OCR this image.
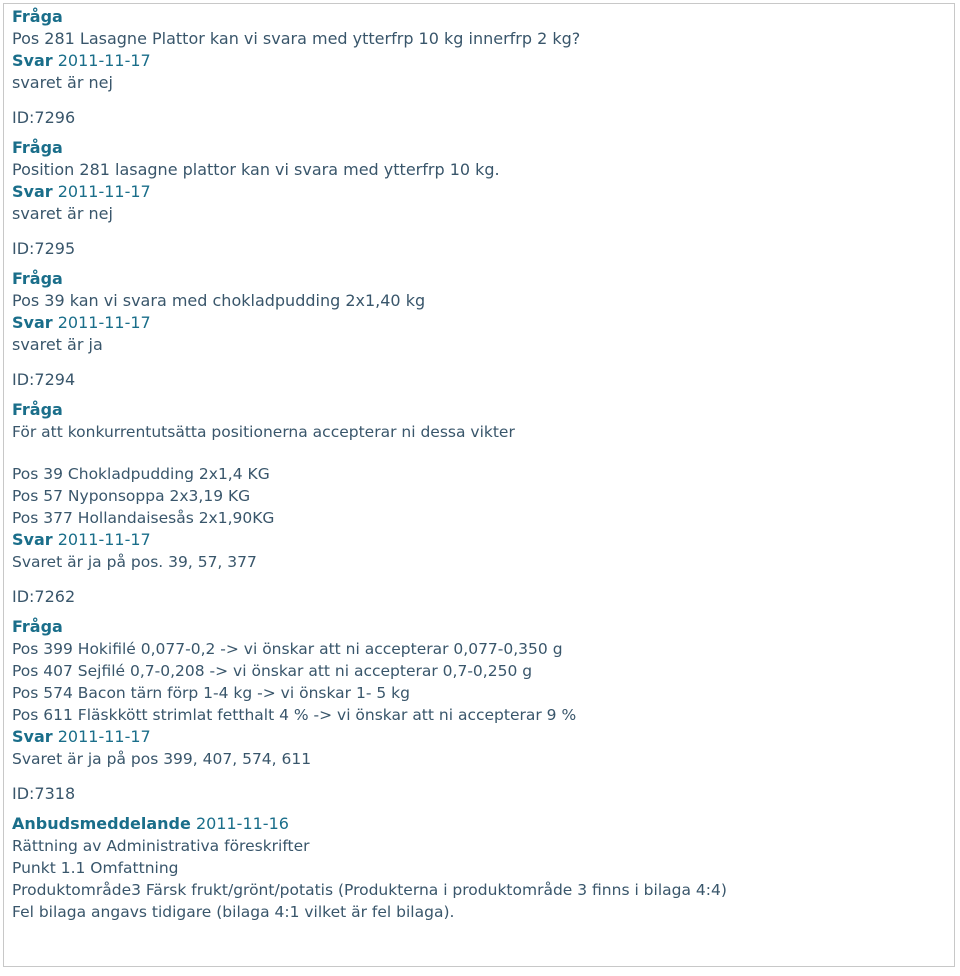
Fråga
Pos 281 Lasagne Plattor kan vi svara med ytterfrp 10 kg innerfrp 2 kg?
Svar 2011-11-17
svaret är nej
ID:7296
Fråga
Position 281 lasagne plattor kan vi svara med ytterfrp 10 kg.
Svar 2011-11-17
svaret är nej
ID:7295
Fråga
Pos 39 kan vi svara med chokladpudding 2x1,40 kg
Svar 2011-11-17
svaret är ja
ID:7294
Fråga
För att konkurrentutsätta positionerna accepterar ni dessa vikter
Pos 39 Chokladpudding 2x1,4 KG
Pos 57 Nyponsoppa 2x3,19 KG
Pos 377 Hollandaisesås 2x1,90KG
Svar 2011-11-17
Svaret är ja på pos. 39, 57, 377
ID:7262
Fråga
Pos 399 Hokifilé 0,077-0,2 -> vi önskar att ni accepterar 0,077-0,350 g
Pos 407 Sejfilé 0,7-0,208 -> vi önskar att ni accepterar 0,7-0,250 g
Pos 574 Bacon tärn förp 1-4 kg -> vi önskar 1- 5 kg
Pos 611 Fläskkött strimlat fetthalt 4 % -> vi önskar att ni accepterar 9 %
Svar 2011-11-17
Svaret är ja på pos 399, 407, 574, 611
ID:7318
Anbudsmeddelande 2011-11-16
Rättning av Administrativa föreskrifter
Punkt 1.1 Omfattning
Produktområde3 Färsk frukt/grönt/potatis (Produkterna i produktområde 3 finns i bilaga 4:4)
Fel bilaga angavs tidigare (bilaga 4:1 vilket är fel bilaga).
